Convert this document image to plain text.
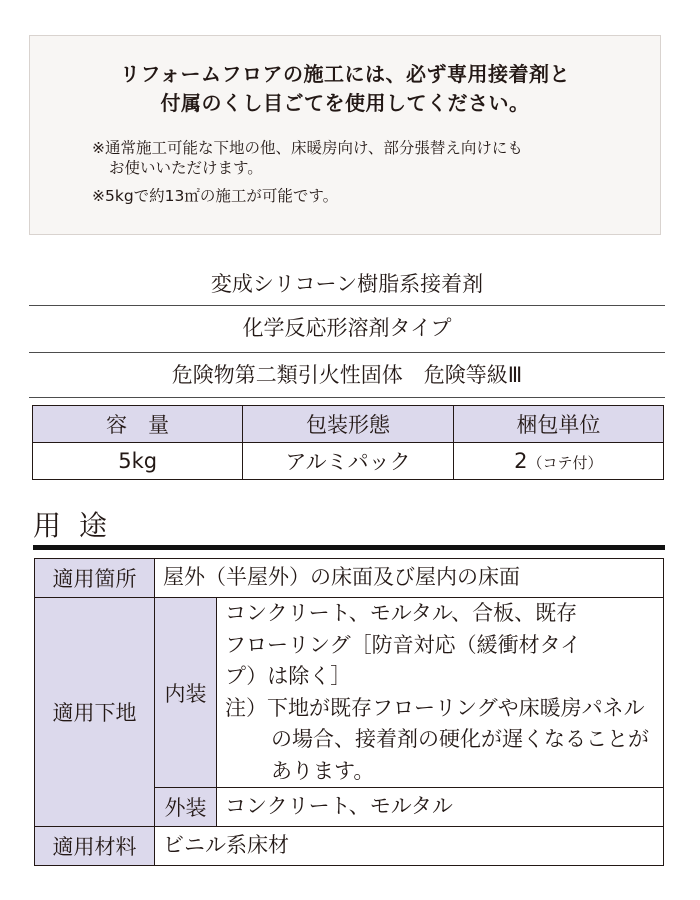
リフォームフロアの施工には、必ず専用接着剤と
付属のくし目ごてを使用してください。
※通常施工可能な下地の他、床暖房向け、部分張替え向けにも
お使いいただけます。
※5kgで約13㎡の施工が可能です。
変成シリコーン樹脂系接着剤
化学反応形溶剤タイプ
危険物第二類引火性固体　危険等級Ⅲ
容　量	包装形態	梱包単位
5kg	アルミパック	2（コテ付）
用途
適用箇所	屋外（半屋外）の床面及び屋内の床面	
適用下地	内装	コンクリート、モルタル、合板、既存
フローリング［防音対応（緩衝材タイ
プ）は除く］
注）下地が既存フローリングや床暖房パネルの場合、接着剤の硬化が遅くなることがあります。

	外装	コンクリート、モルタル
適用材料	ビニル系床材	
